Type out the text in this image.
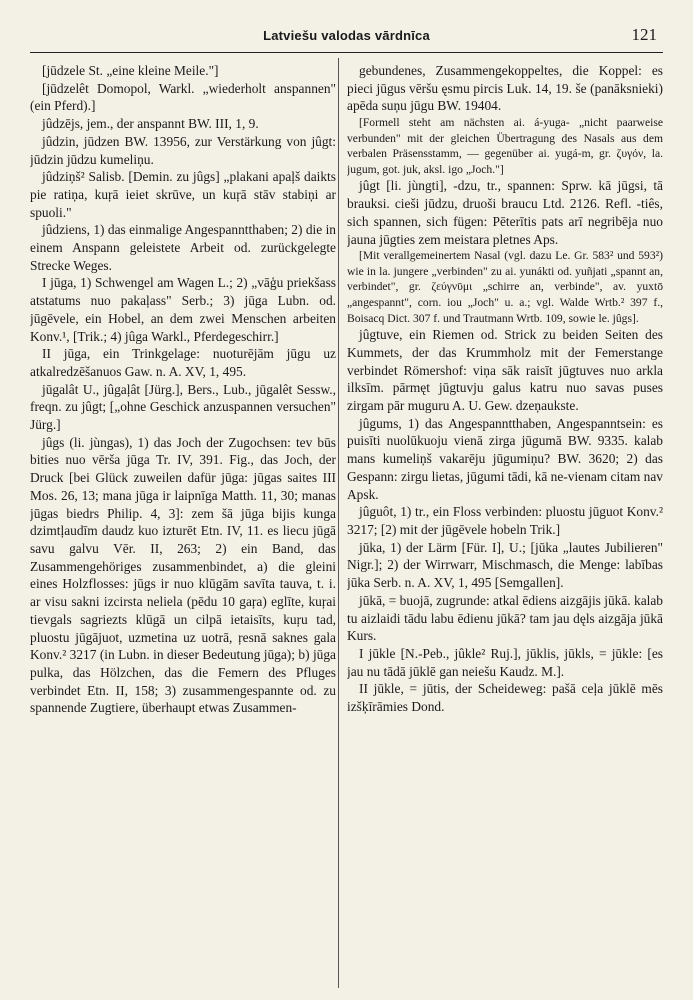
Latviešu valodas vārdnīca	121

[jūdzele St. „eine kleine Meile."]

[jūdzelêt Domopol, Warkl. „wiederholt anspannen" (ein Pferd).]

jûdzējs, jem., der anspannt BW. III, 1, 9.

jûdzin, jūdzen BW. 13956, zur Verstärkung von jûgt: jūdzin jūdzu kumeliņu.

jûdziņš² Salisb. [Demin. zu jûgs] „plakani apaļš daikts pie ratiņa, kuŗā ieiet skrūve, un kuŗā stāv stabiņi ar spuoli."

jûdziens, 1) das einmalige Angespanntthaben; 2) die in einem Anspann geleistete Arbeit od. zurückgelegte Strecke Weges.

I jūga, 1) Schwengel am Wagen L.; 2) „vāģu priekšass atstatums nuo pakaļass" Serb.; 3) jūga Lubn. od. jūgēvele, ein Hobel, an dem zwei Menschen arbeiten Konv.¹, [Trik.; 4) jûga Warkl., Pferdegeschirr.]

II jūga, ein Trinkgelage: nuoturējām jūgu uz atkalredzēšanuos Gaw. n. A. XV, 1, 495.

jūgalât U., jûgaļât [Jürg.], Bers., Lub., jūgalêt Sessw., freqn. zu jûgt; [„ohne Geschick anzuspannen versuchen" Jürg.]

jûgs (li. jùngas), 1) das Joch der Zugochsen: tev būs bities nuo vērša jūga Tr. IV, 391. Fig., das Joch, der Druck [bei Glück zuweilen dafür jūga: jūgas saites III Mos. 26, 13; mana jūga ir laipnīga Matth. 11, 30; manas jūgas biedrs Philip. 4, 3]: zem šā jūga bijis kunga dzimtļaudīm daudz kuo izturēt Etn. IV, 11. es liecu jūgā savu galvu Vēr. II, 263; 2) ein Band, das Zusammengehöriges zusammenbindet, a) die gleini eines Holzflosses: jūgs ir nuo klūgām savīta tauva, t. i. ar visu sakni izcirsta neliela (pēdu 10 gaŗa) eglīte, kuŗai tievgals sagriezts klūgā un cilpā ietaisīts, kuŗu tad, pluostu jūgājuot, uzmetina uz uotrā, ŗesnā saknes gala Konv.² 3217 (in Lubn. in dieser Bedeutung jūga); b) jūga pulka, das Hölzchen, das die Femern des Pfluges verbindet Etn. II, 158; 3) zusammengespannte od. zu spannende Zugtiere, überhaupt etwas Zusammen-

gebundenes, Zusammengekoppeltes, die Koppel: es pieci jūgus vēršu ęsmu pircis Luk. 14, 19. še (panāksnieki) apēda suņu jūgu BW. 19404.

[Formell steht am nächsten ai. á-yuga- „nicht paarweise verbunden" mit der gleichen Übertragung des Nasals aus dem verbalen Präsensstamm, — gegenüber ai. yugá-m, gr. ζυγόν, la. jugum, got. juk, aksl. igo „Joch."]

jûgt [li. jùngti], -dzu, tr., spannen: Sprw. kā jūgsi, tā brauksi. cieši jūdzu, druoši braucu Ltd. 2126. Refl. -tiês, sich spannen, sich fügen: Pēterītis pats arī negribēja nuo jauna jūgties zem meistara pletnes Aps.

[Mit verallgemeinertem Nasal (vgl. dazu Le. Gr. 583² und 593²) wie in la. jungere „verbinden" zu ai. yunákti od. yuñjati „spannt an, verbindet", gr. ζεύγνῡμι „schirre an, verbinde", av. yuxtō „angespannt", corn. iou „Joch" u. a.; vgl. Walde Wrtb.² 397 f., Boisacq Dict. 307 f. und Trautmann Wrtb. 109, sowie le. jûgs].

jûgtuve, ein Riemen od. Strick zu beiden Seiten des Kummets, der das Krummholz mit der Femerstange verbindet Römershof: viņa sāk raisīt jūgtuves nuo arkla ilksīm. pārmęt jūgtuvju galus katru nuo savas puses zirgam pār muguru A. U. Gew. dzeņaukste.

jûgums, 1) das Angespanntthaben, Angespanntsein: es puisīti nuolūkuoju vienā zirga jūgumā BW. 9335. kalab mans kumeliņš vakarēju jūgumiņu? BW. 3620; 2) das Gespann: zirgu lietas, jūgumi tādi, kā ne-vienam citam nav Apsk.

jûguôt, 1) tr., ein Floss verbinden: pluostu jūguot Konv.² 3217; [2) mit der jūgēvele hobeln Trik.]

jūka, 1) der Lärm [Für. I], U.; [jūka „lautes Jubilieren" Nigr.]; 2) der Wirrwarr, Mischmasch, die Menge: labības jūka Serb. n. A. XV, 1, 495 [Semgallen].

jūkā, = buojā, zugrunde: atkal ēdiens aizgājis jūkā. kalab tu aizlaidi tādu labu ēdienu jūkā? tam jau dęls aizgāja jūkā Kurs.

I jūkle [N.-Peb., jûkle² Ruj.], jūklis, jūkls, = jūkle: [es jau nu tādā jūklē gan neiešu Kaudz. M.].

II jūkle, = jūtis, der Scheideweg: pašā ceļa jūklē mēs izšķīrāmies Dond.
